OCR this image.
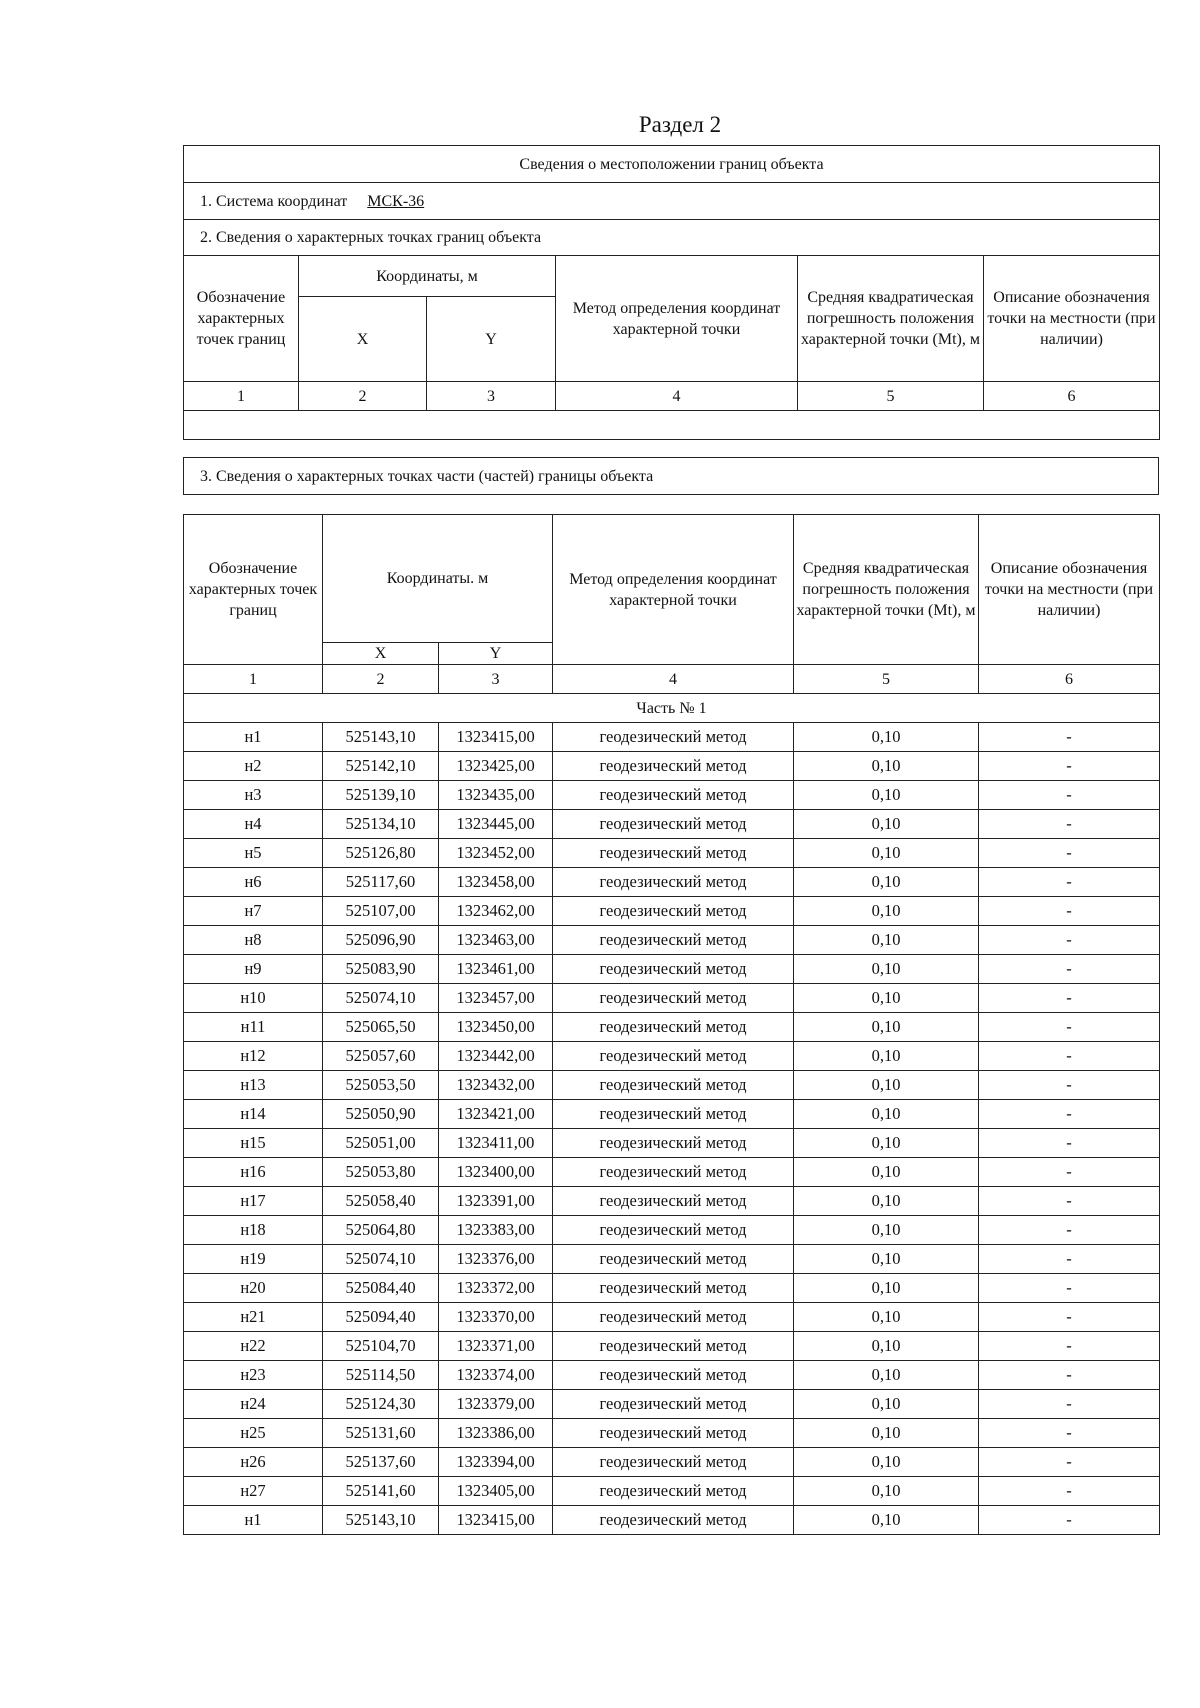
Раздел 2
Сведения о местоположении границ объекта					
1. Система координат МСК-36					
2. Сведения о характерных точках границ объекта					
Обозначение характерных точек границ	Координаты, м		Метод определения координат характерной точки	Средняя квадратическая погрешность положения характерной точки (Mt), м	Описание обозначения точки на местности (при наличии)
	X	Y			
1	2	3	4	5	6

3. Сведения о характерных точках части (частей) границы объекта
Обозначение характерных точек границ	Координаты. м		Метод определения координат характерной точки	Средняя квадратическая погрешность положения характерной точки (Mt), м	Описание обозначения точки на местности (при наличии)
	X	Y			
1	2	3	4	5	6
Часть № 1					
н1	525143,10	1323415,00	геодезический метод	0,10	-
н2	525142,10	1323425,00	геодезический метод	0,10	-
н3	525139,10	1323435,00	геодезический метод	0,10	-
н4	525134,10	1323445,00	геодезический метод	0,10	-
н5	525126,80	1323452,00	геодезический метод	0,10	-
н6	525117,60	1323458,00	геодезический метод	0,10	-
н7	525107,00	1323462,00	геодезический метод	0,10	-
н8	525096,90	1323463,00	геодезический метод	0,10	-
н9	525083,90	1323461,00	геодезический метод	0,10	-
н10	525074,10	1323457,00	геодезический метод	0,10	-
н11	525065,50	1323450,00	геодезический метод	0,10	-
н12	525057,60	1323442,00	геодезический метод	0,10	-
н13	525053,50	1323432,00	геодезический метод	0,10	-
н14	525050,90	1323421,00	геодезический метод	0,10	-
н15	525051,00	1323411,00	геодезический метод	0,10	-
н16	525053,80	1323400,00	геодезический метод	0,10	-
н17	525058,40	1323391,00	геодезический метод	0,10	-
н18	525064,80	1323383,00	геодезический метод	0,10	-
н19	525074,10	1323376,00	геодезический метод	0,10	-
н20	525084,40	1323372,00	геодезический метод	0,10	-
н21	525094,40	1323370,00	геодезический метод	0,10	-
н22	525104,70	1323371,00	геодезический метод	0,10	-
н23	525114,50	1323374,00	геодезический метод	0,10	-
н24	525124,30	1323379,00	геодезический метод	0,10	-
н25	525131,60	1323386,00	геодезический метод	0,10	-
н26	525137,60	1323394,00	геодезический метод	0,10	-
н27	525141,60	1323405,00	геодезический метод	0,10	-
н1	525143,10	1323415,00	геодезический метод	0,10	-
